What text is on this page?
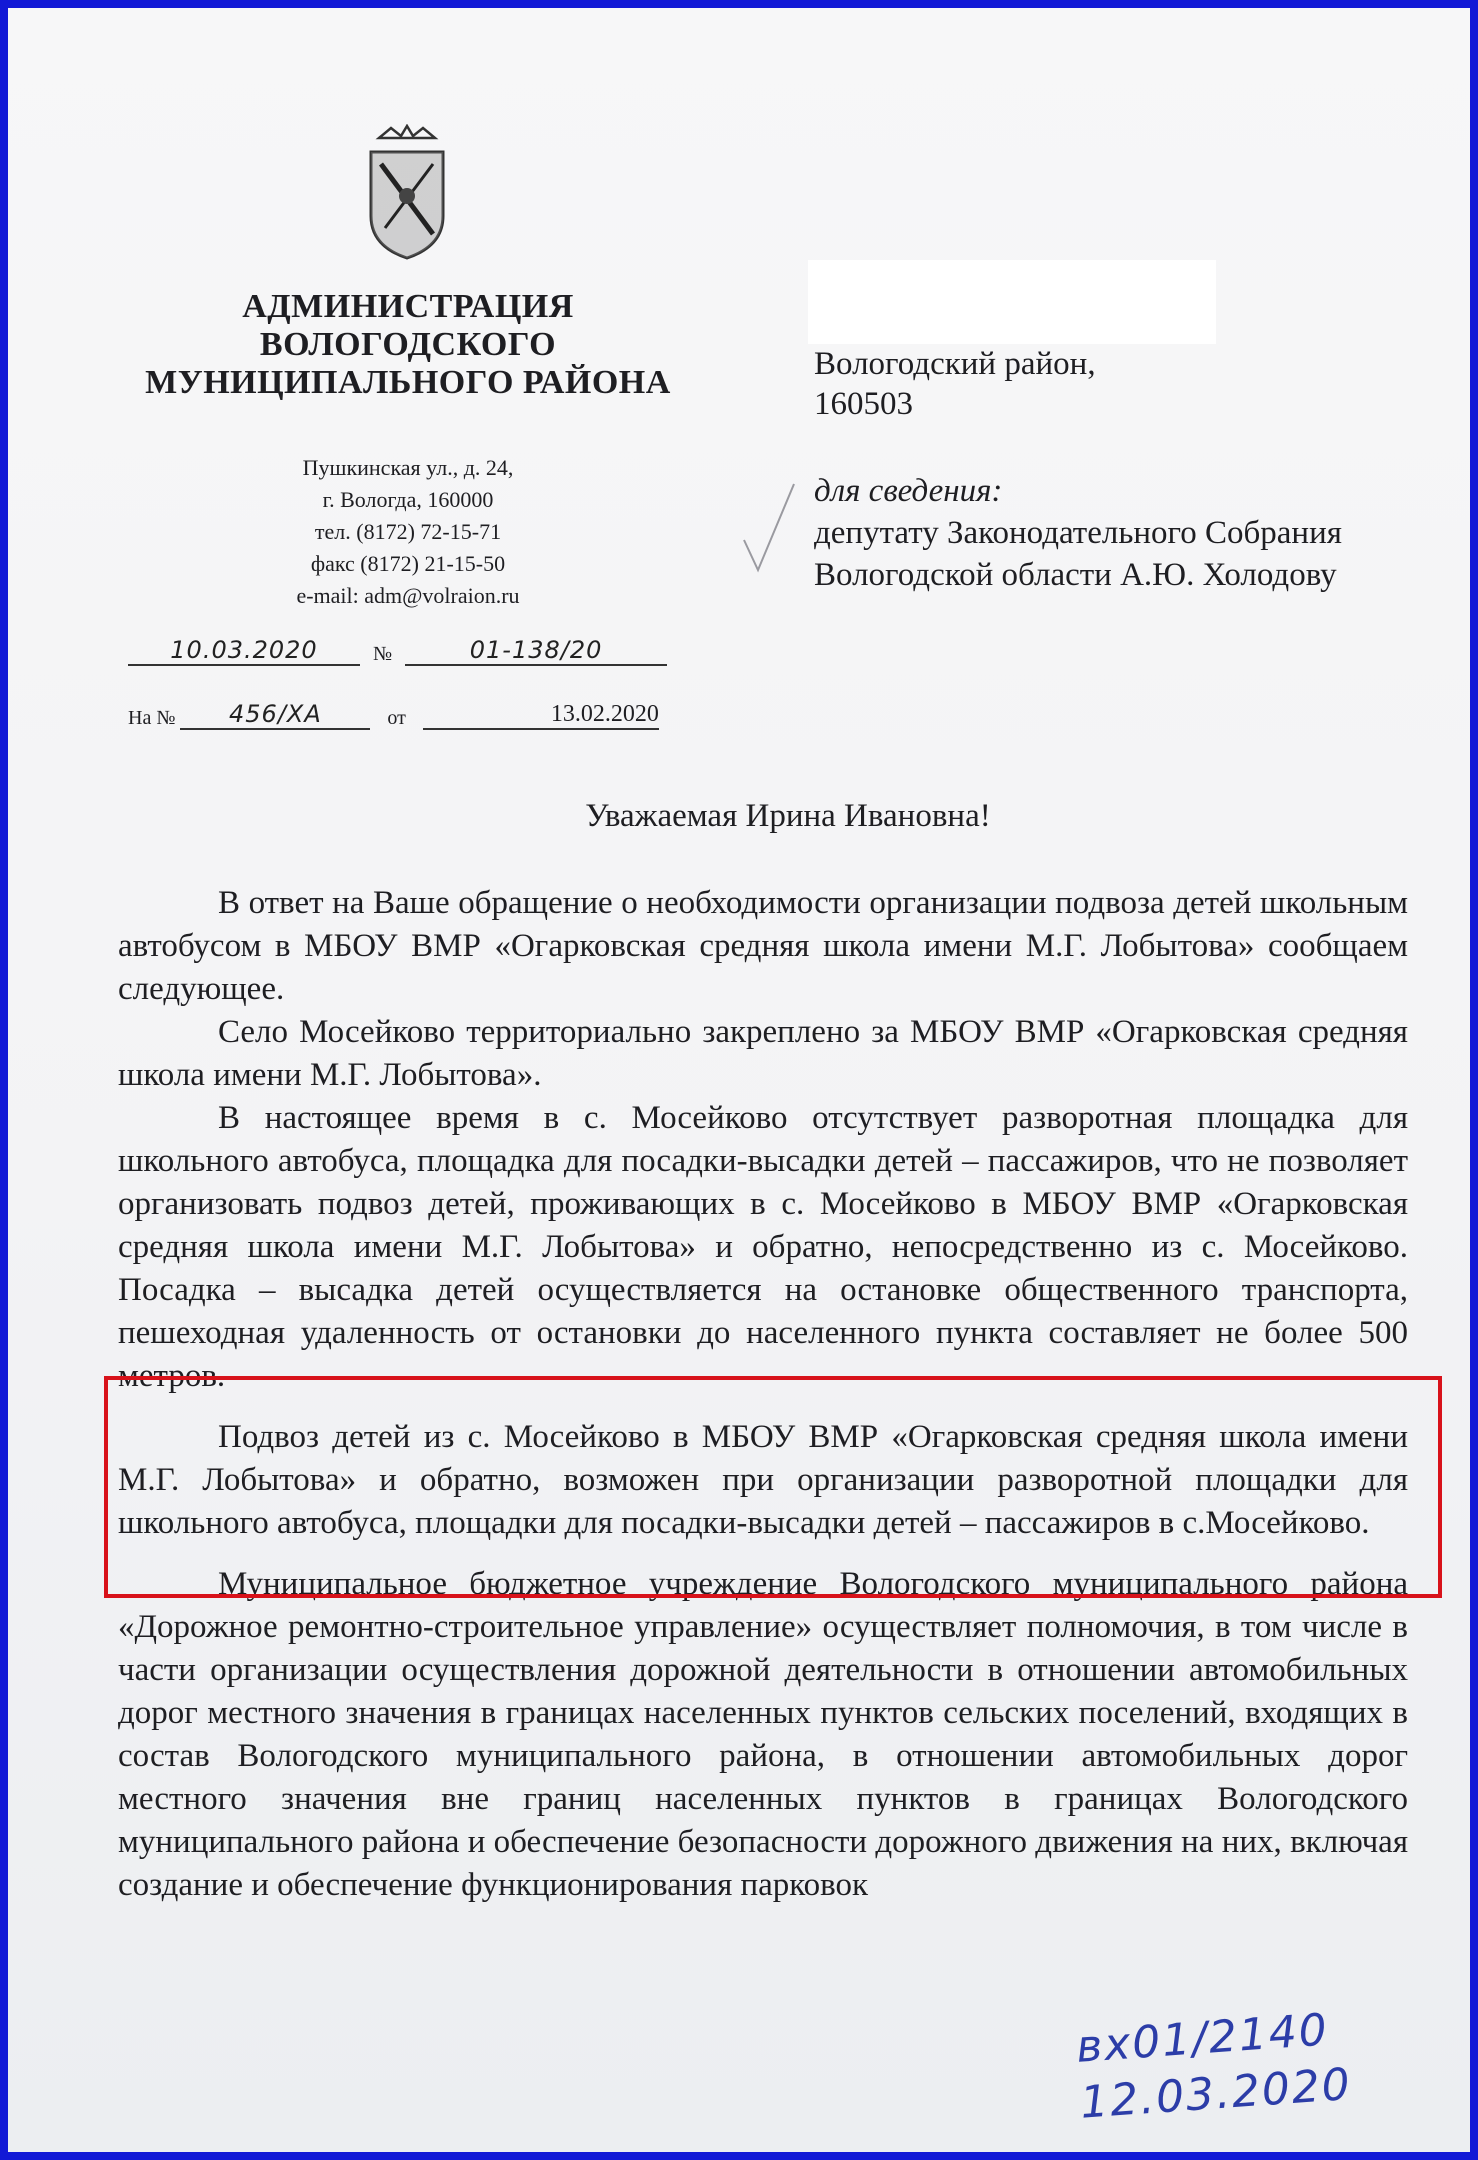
АДМИНИСТРАЦИЯ
ВОЛОГОДСКОГО
МУНИЦИПАЛЬНОГО РАЙОНА
Пушкинская ул., д. 24,
г. Вологда, 160000
тел. (8172) 72-15-71
факс (8172) 21-15-50
e-mail: adm@volraion.ru
10.03.2020	№	01-138/20
На № 456/ХА	от	13.02.2020
Вологодский район,
160503
для сведения:
депутату Законодательного Собрания
Вологодской области А.Ю. Холодову
Уважаемая Ирина Ивановна!

В ответ на Ваше обращение о необходимости организации подвоза детей школьным автобусом в МБОУ ВМР «Огарковская средняя школа имени М.Г. Лобытова» сообщаем следующее.

Село Мосейково территориально закреплено за МБОУ ВМР «Огарковская средняя школа имени М.Г. Лобытова».

В настоящее время в с. Мосейково отсутствует разворотная площадка для школьного автобуса, площадка для посадки-высадки детей – пассажиров, что не позволяет организовать подвоз детей, проживающих в с. Мосейково в МБОУ ВМР «Огарковская средняя школа имени М.Г. Лобытова» и обратно, непосредственно из с. Мосейково. Посадка – высадка детей осуществляется на остановке общественного транспорта, пешеходная удаленность от остановки до населенного пункта составляет не более 500 метров.

Подвоз детей из с. Мосейково в МБОУ ВМР «Огарковская средняя школа имени М.Г. Лобытова» и обратно, возможен при организации разворотной площадки для школьного автобуса, площадки для посадки-высадки детей – пассажиров в с.Мосейково.

Муниципальное бюджетное учреждение Вологодского муниципального района «Дорожное ремонтно-строительное управление» осуществляет полномочия, в том числе в части организации осуществления дорожной деятельности в отношении автомобильных дорог местного значения в границах населенных пунктов сельских поселений, входящих в состав Вологодского муниципального района, в отношении автомобильных дорог местного значения вне границ населенных пунктов в границах Вологодского муниципального района и обеспечение безопасности дорожного движения на них, включая создание и обеспечение функционирования парковок

вх01/2140
12.03.2020
